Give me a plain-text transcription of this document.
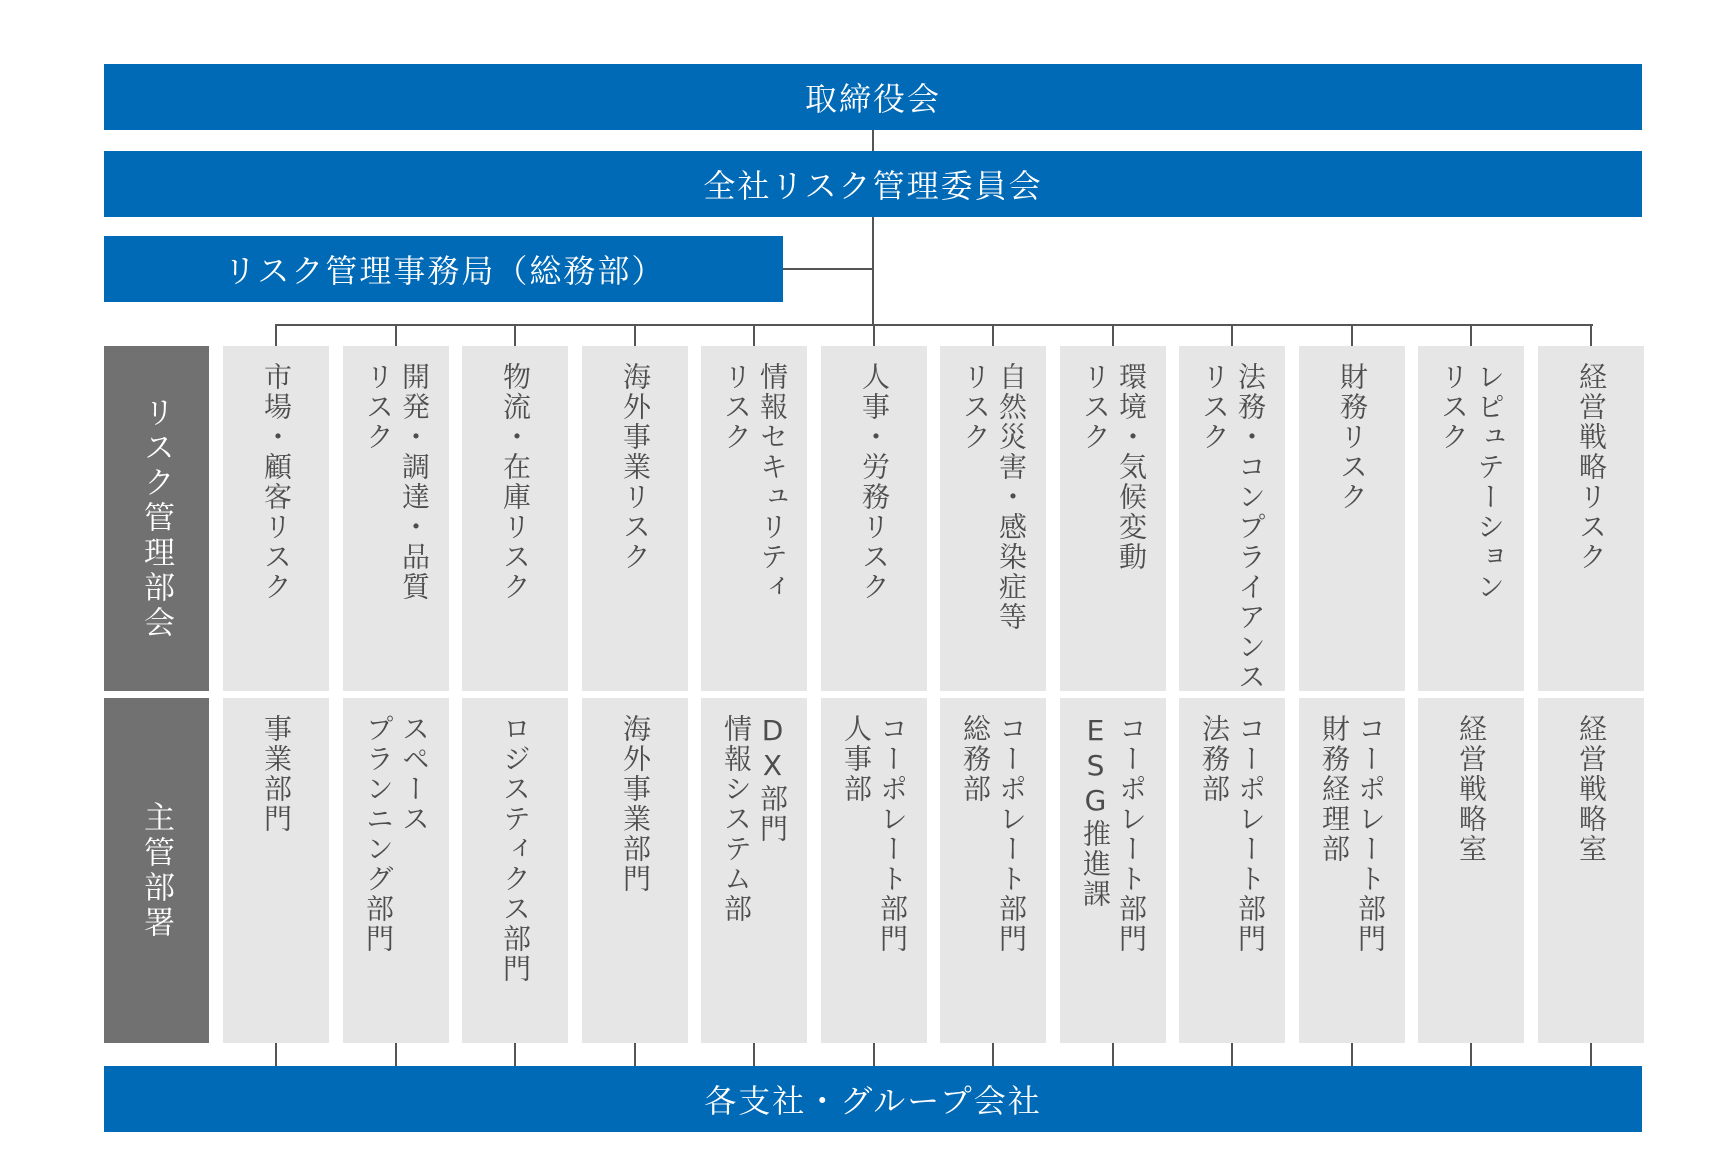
取締役会
全社リスク管理委員会
リスク管理事務局（総務部）
リスク管理部会
主管部署
市場・顧客リスク
事業部門
開発・調達・品質
リスク
スペース
プランニング部門
物流・在庫リスク
ロジスティクス部門
海外事業リスク
海外事業部門
情報セキュリティ
リスク
DX部門
情報システム部
人事・労務リスク
コーポレート部門
人事部
自然災害・感染症等
リスク
コーポレート部門
総務部
環境・気候変動
リスク
コーポレート部門
ESG推進課
法務・コンプライアンス
リスク
コーポレート部門
法務部
財務リスク
コーポレート部門
財務経理部
レピュテーション
リスク
経営戦略室
経営戦略リスク
経営戦略室
各支社・グループ会社
